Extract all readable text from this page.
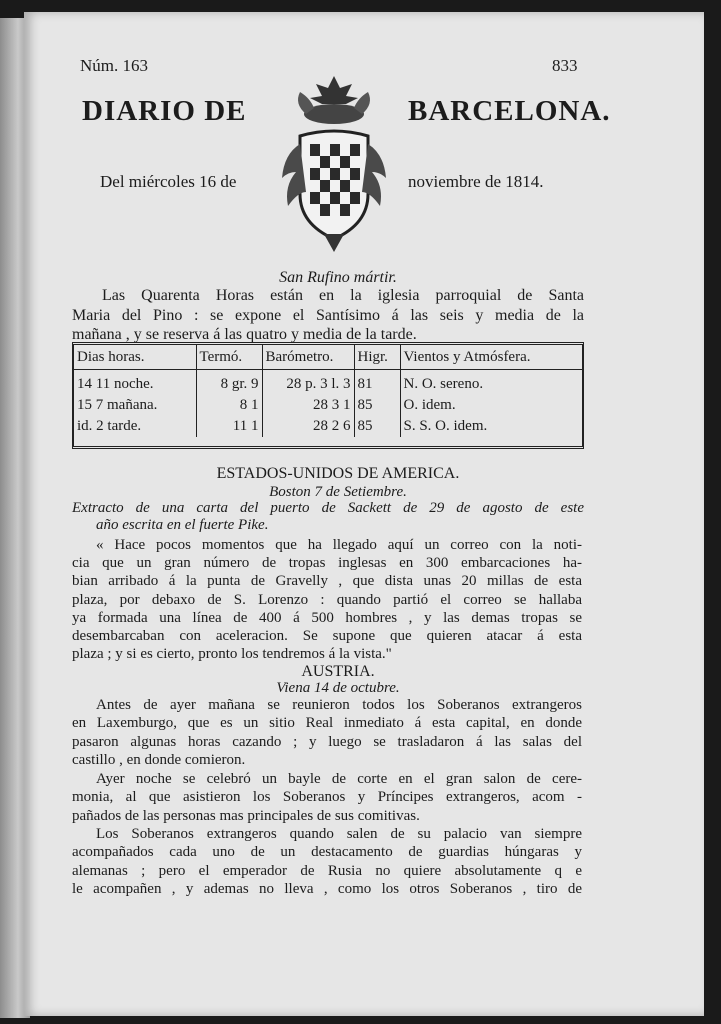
Núm. 163	833
DIARIO DE	BARCELONA.
Del miércoles 16 de	noviembre de 1814.
San Rufino mártir.
Las Quarenta Horas están en la iglesia parroquial de Santa
Maria del Pino : se expone el Santísimo á las seis y media de la
mañana , y se reserva á las quatro y media de la tarde.
Dias horas.	Termó.	Barómetro.	Higr.	Vientos y Atmósfera.
14 11 noche.	8 gr. 9	28 p. 3 l. 3	81	N. O. sereno.
15 7 mañana.	8 1	28 3 1	85	O. idem.
id. 2 tarde.	11 1	28 2 6	85	S. S. O. idem.
ESTADOS-UNIDOS DE AMERICA.
Boston 7 de Setiembre.
Extracto de una carta del puerto de Sackett de 29 de agosto de este
año escrita en el fuerte Pike.
« Hace pocos momentos que ha llegado aquí un correo con la noti-
cia que un gran número de tropas inglesas en 300 embarcaciones ha-
bian arribado á la punta de Gravelly , que dista unas 20 millas de esta
plaza, por debaxo de S. Lorenzo : quando partió el correo se hallaba
ya formada una línea de 400 á 500 hombres , y las demas tropas se
desembarcaban con aceleracion. Se supone que quieren atacar á esta
plaza ; y si es cierto, pronto los tendremos á la vista."
AUSTRIA.
Viena 14 de octubre.
Antes de ayer mañana se reunieron todos los Soberanos extrangeros
en Laxemburgo, que es un sitio Real inmediato á esta capital, en donde
pasaron algunas horas cazando ; y luego se trasladaron á las salas del
castillo , en donde comieron.
Ayer noche se celebró un bayle de corte en el gran salon de cere-
monia, al que asistieron los Soberanos y Príncipes extrangeros, acom -
pañados de las personas mas principales de sus comitivas.
Los Soberanos extrangeros quando salen de su palacio van siempre
acompañados cada uno de un destacamento de guardias húngaras y
alemanas ; pero el emperador de Rusia no quiere absolutamente q e
le acompañen , y ademas no lleva , como los otros Soberanos , tiro de
